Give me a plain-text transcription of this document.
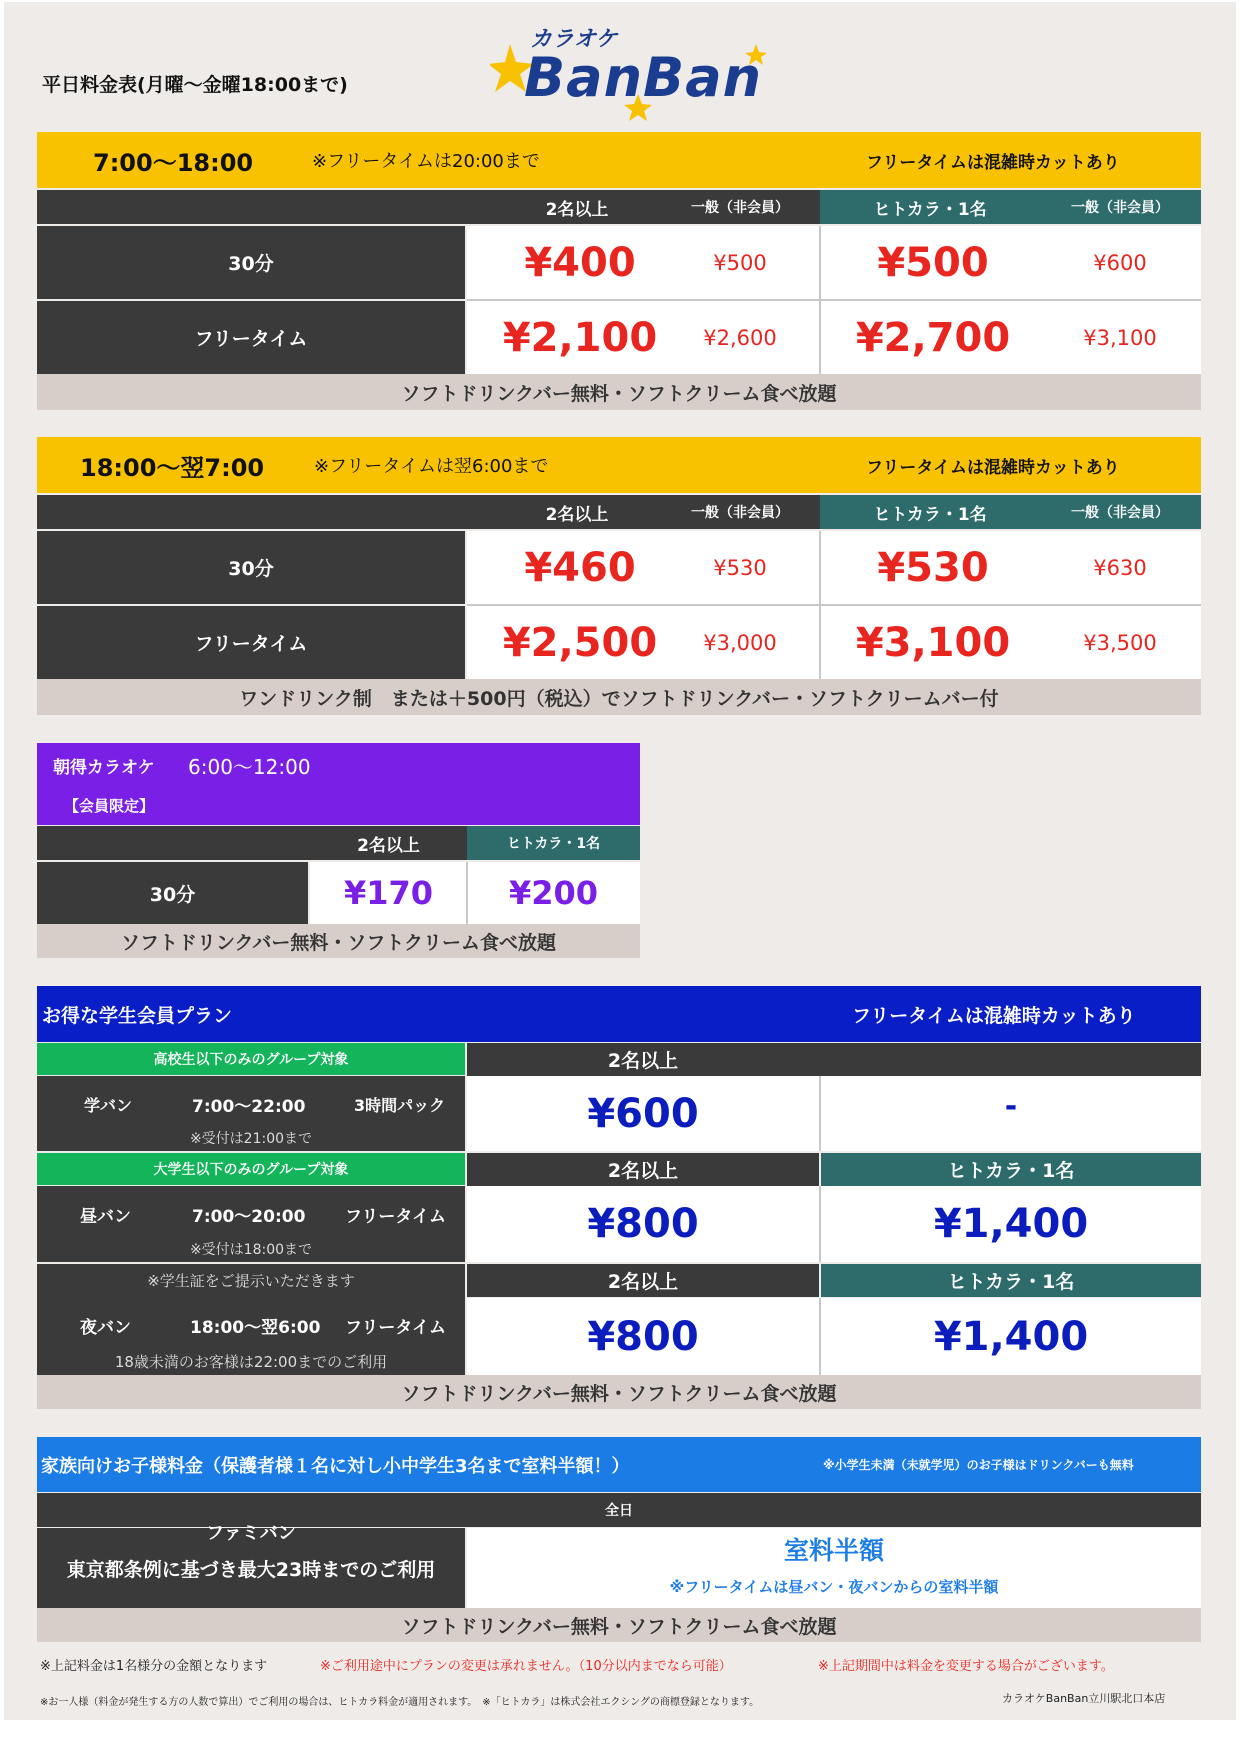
平日料金表(月曜～金曜18:00まで)
カラオケ
BanBan
7:00～18:00	※フリータイムは20:00まで	フリータイムは混雑時カットあり
2名以上	一般（非会員）	ヒトカラ・1名	一般（非会員）
30分	¥400	¥500	¥500	¥600
フリータイム	¥2,100	¥2,600	¥2,700	¥3,100
ソフトドリンクバー無料・ソフトクリーム食べ放題
18:00～翌7:00	※フリータイムは翌6:00まで	フリータイムは混雑時カットあり
2名以上	一般（非会員）	ヒトカラ・1名	一般（非会員）
30分	¥460	¥530	¥530	¥630
フリータイム	¥2,500	¥3,000	¥3,100	¥3,500
ワンドリンク制　または＋500円（税込）でソフトドリンクバー・ソフトクリームバー付
朝得カラオケ 6:00～12:00
【会員限定】
2名以上	ヒトカラ・1名
30分	¥170	¥200
ソフトドリンクバー無料・ソフトクリーム食べ放題
お得な学生会員プラン	フリータイムは混雑時カットあり
高校生以下のみのグループ対象	2名以上
学バン	7:00～22:00	3時間パック
※受付は21:00まで
¥600	-
大学生以下のみのグループ対象	2名以上	ヒトカラ・1名
昼バン	7:00～20:00 フリータイム
※受付は18:00まで
¥800	¥1,400
※学生証をご提示いただきます	2名以上	ヒトカラ・1名
夜バン	18:00～翌6:00 フリータイム
18歳未満のお客様は22:00までのご利用
¥800	¥1,400
ソフトドリンクバー無料・ソフトクリーム食べ放題
家族向けお子様料金（保護者様１名に対し小中学生3名まで室料半額！）	※小学生未満（未就学児）のお子様はドリンクバーも無料
全日
ファミバン
東京都条例に基づき最大23時までのご利用
室料半額
※フリータイムは昼バン・夜バンからの室料半額
ソフトドリンクバー無料・ソフトクリーム食べ放題
※上記料金は1名様分の金額となります	※ご利用途中にプランの変更は承れません。（10分以内までなら可能）	※上記期間中は料金を変更する場合がございます。
※お一人様（料金が発生する方の人数で算出）でご利用の場合は、ヒトカラ料金が適用されます。　※「ヒトカラ」は株式会社エクシングの商標登録となります。	カラオケBanBan立川駅北口本店
